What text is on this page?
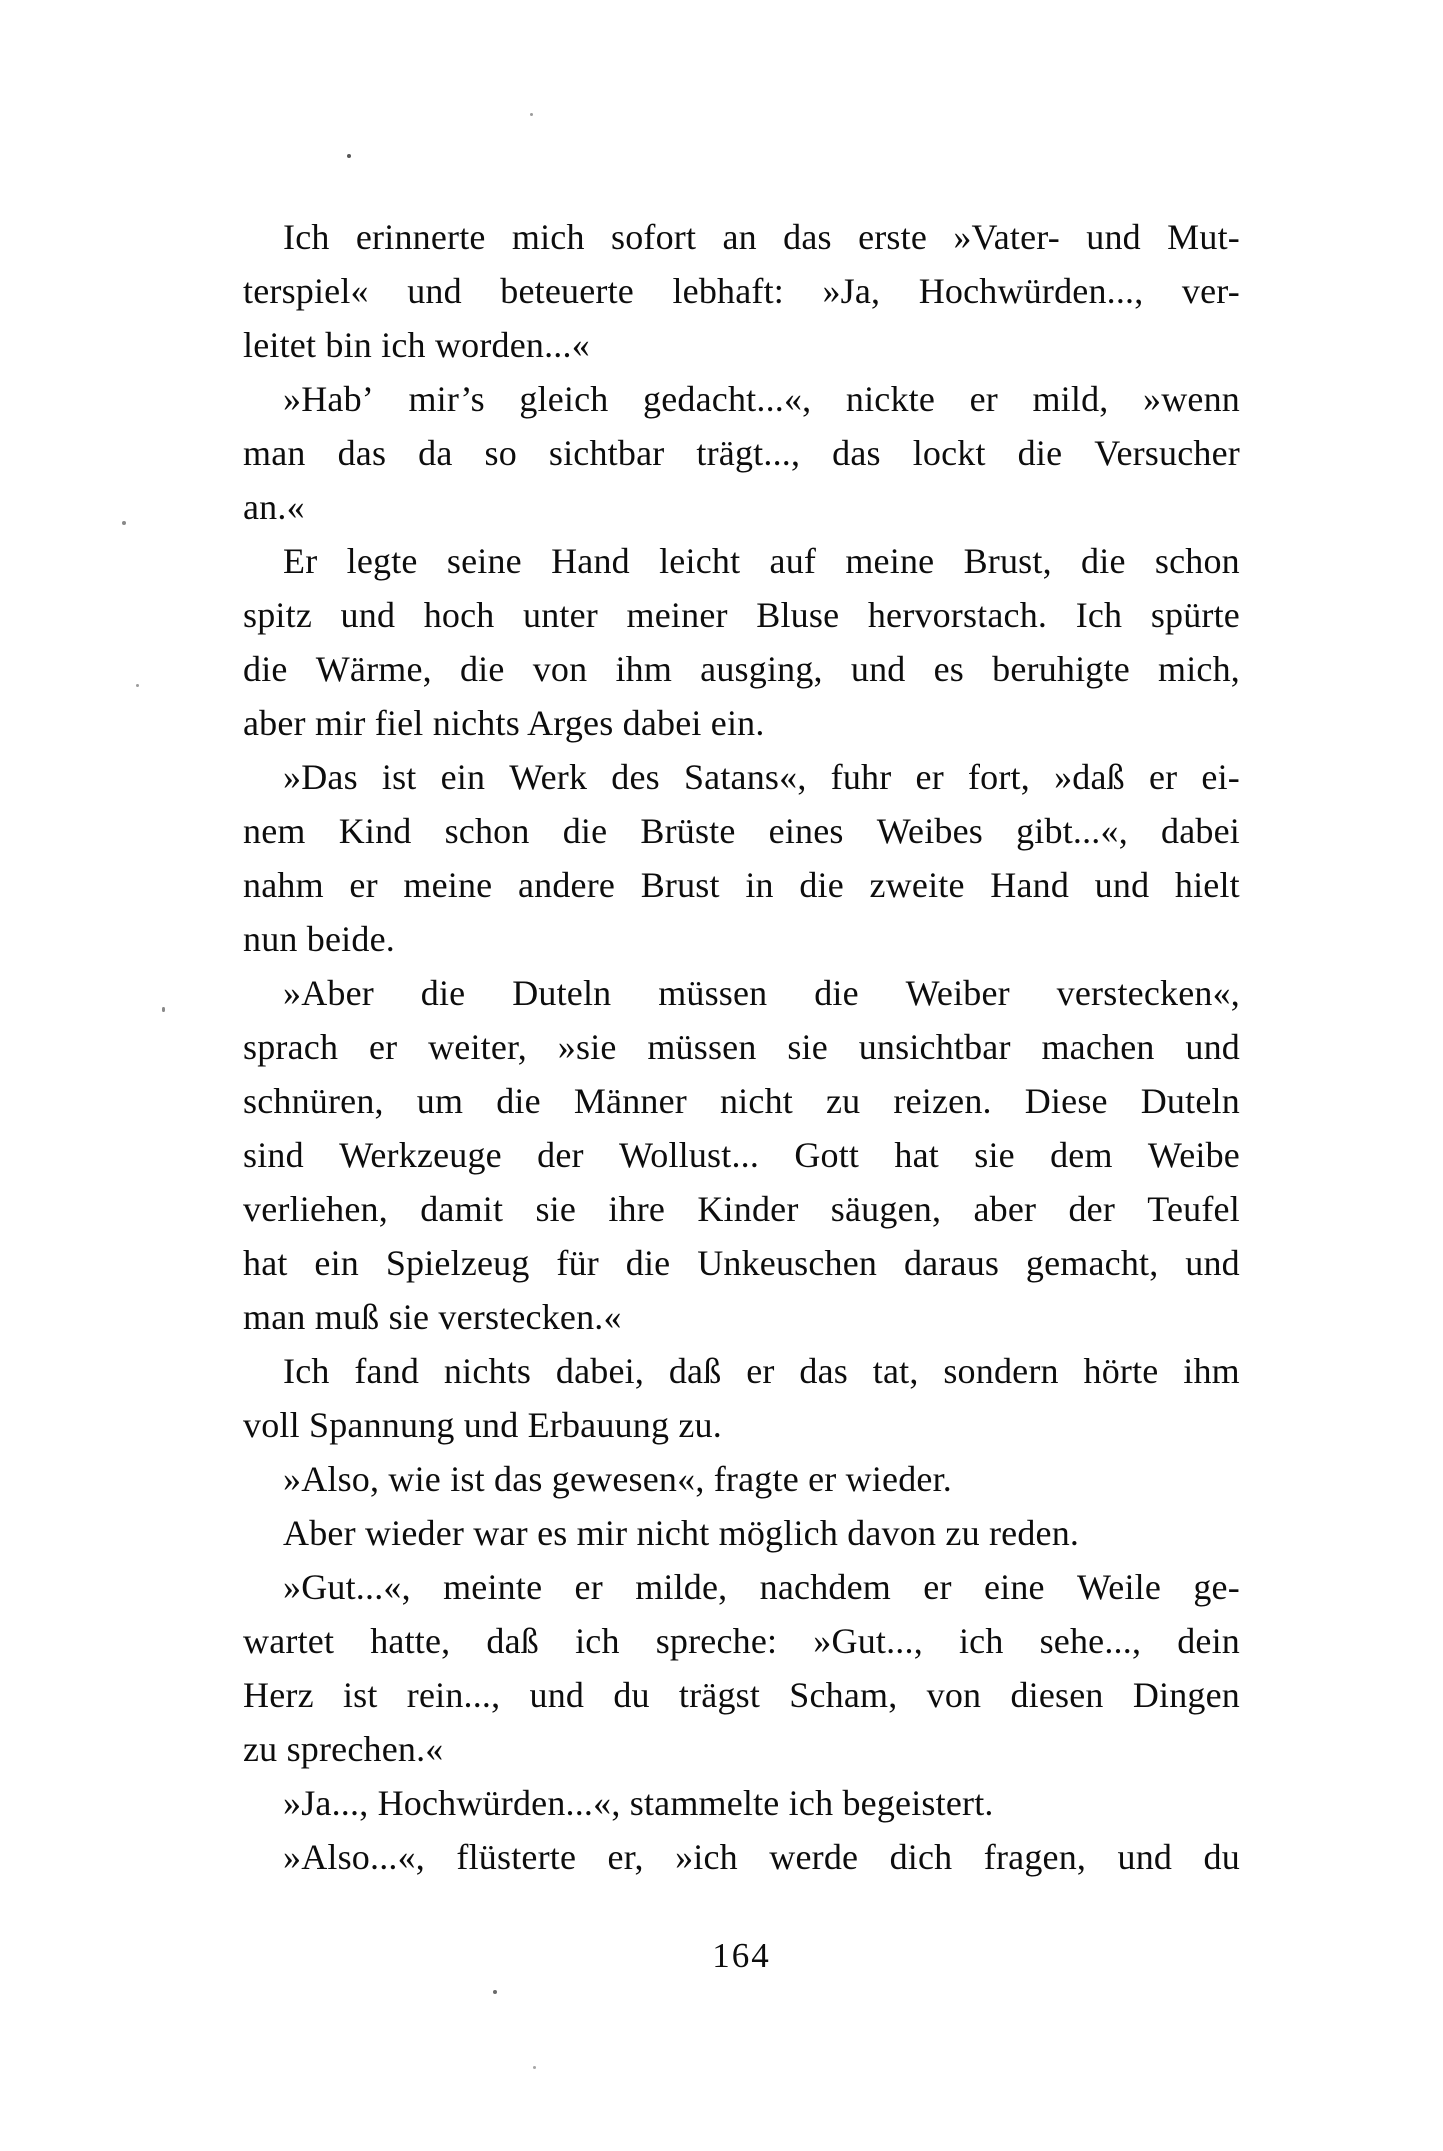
Ich erinnerte mich sofort an das erste »Vater- und Mut-
terspiel« und beteuerte lebhaft: »Ja, Hochwürden..., ver-
leitet bin ich worden...«
»Hab’ mir’s gleich gedacht...«, nickte er mild, »wenn
man das da so sichtbar trägt..., das lockt die Versucher
an.«
Er legte seine Hand leicht auf meine Brust, die schon
spitz und hoch unter meiner Bluse hervorstach. Ich spürte
die Wärme, die von ihm ausging, und es beruhigte mich,
aber mir fiel nichts Arges dabei ein.
»Das ist ein Werk des Satans«, fuhr er fort, »daß er ei-
nem Kind schon die Brüste eines Weibes gibt...«, dabei
nahm er meine andere Brust in die zweite Hand und hielt
nun beide.
»Aber die Duteln müssen die Weiber verstecken«,
sprach er weiter, »sie müssen sie unsichtbar machen und
schnüren, um die Männer nicht zu reizen. Diese Duteln
sind Werkzeuge der Wollust... Gott hat sie dem Weibe
verliehen, damit sie ihre Kinder säugen, aber der Teufel
hat ein Spielzeug für die Unkeuschen daraus gemacht, und
man muß sie verstecken.«
Ich fand nichts dabei, daß er das tat, sondern hörte ihm
voll Spannung und Erbauung zu.
»Also, wie ist das gewesen«, fragte er wieder.
Aber wieder war es mir nicht möglich davon zu reden.
»Gut...«, meinte er milde, nachdem er eine Weile ge-
wartet hatte, daß ich spreche: »Gut..., ich sehe..., dein
Herz ist rein..., und du trägst Scham, von diesen Dingen
zu sprechen.«
»Ja..., Hochwürden...«, stammelte ich begeistert.
»Also...«, flüsterte er, »ich werde dich fragen, und du
164
